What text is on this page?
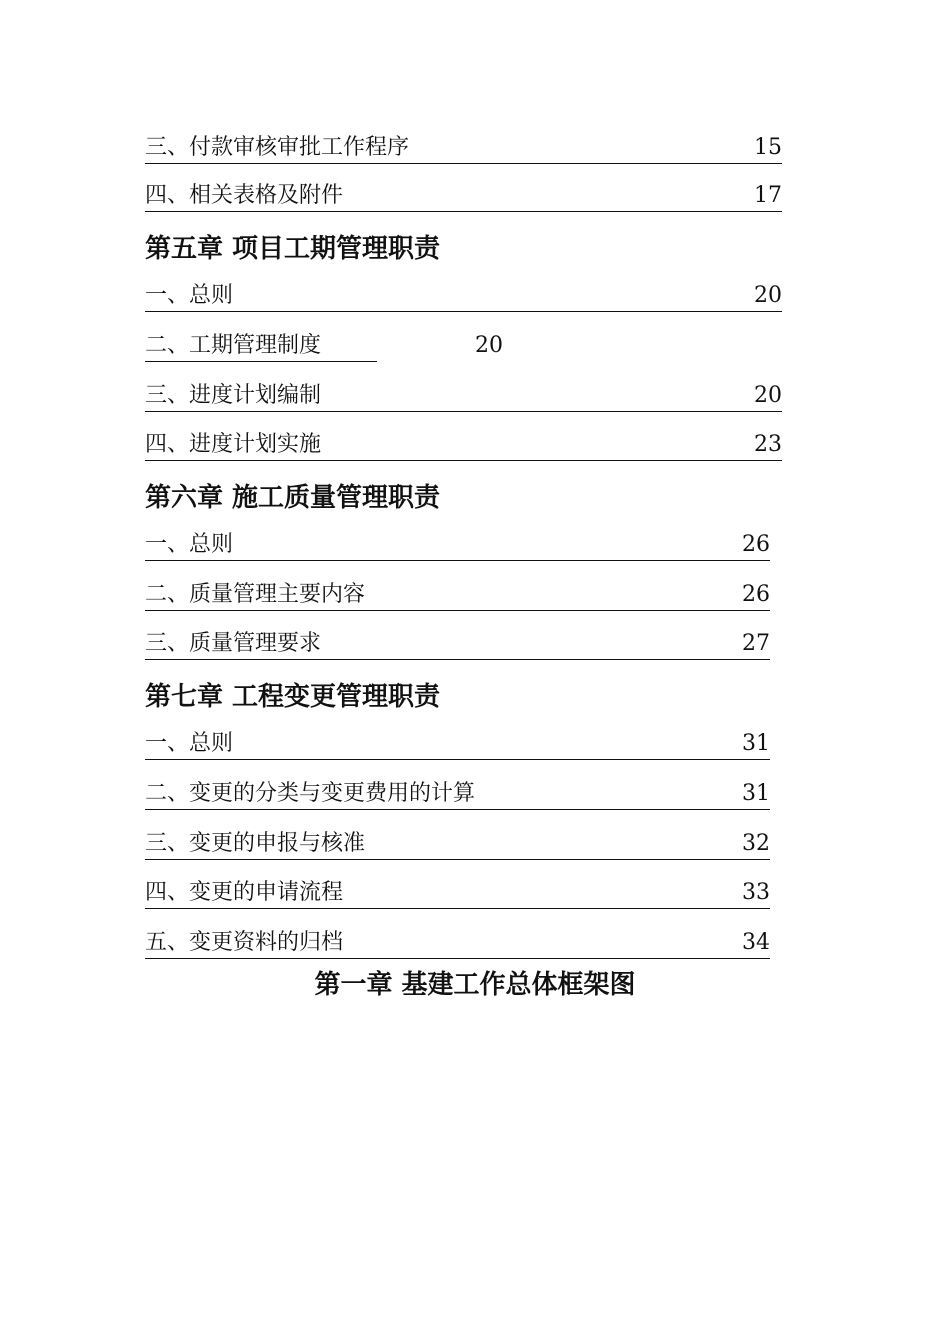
三、付款审核审批工作程序	15
四、相关表格及附件	17
第五章 项目工期管理职责
一、总则	20
二、工期管理制度	20
三、进度计划编制	20
四、进度计划实施	23
第六章 施工质量管理职责
一、总则	26
二、质量管理主要内容	26
三、质量管理要求	27
第七章 工程变更管理职责
一、总则	31
二、变更的分类与变更费用的计算	31
三、变更的申报与核准	32
四、变更的申请流程	33
五、变更资料的归档	34
第一章 基建工作总体框架图
